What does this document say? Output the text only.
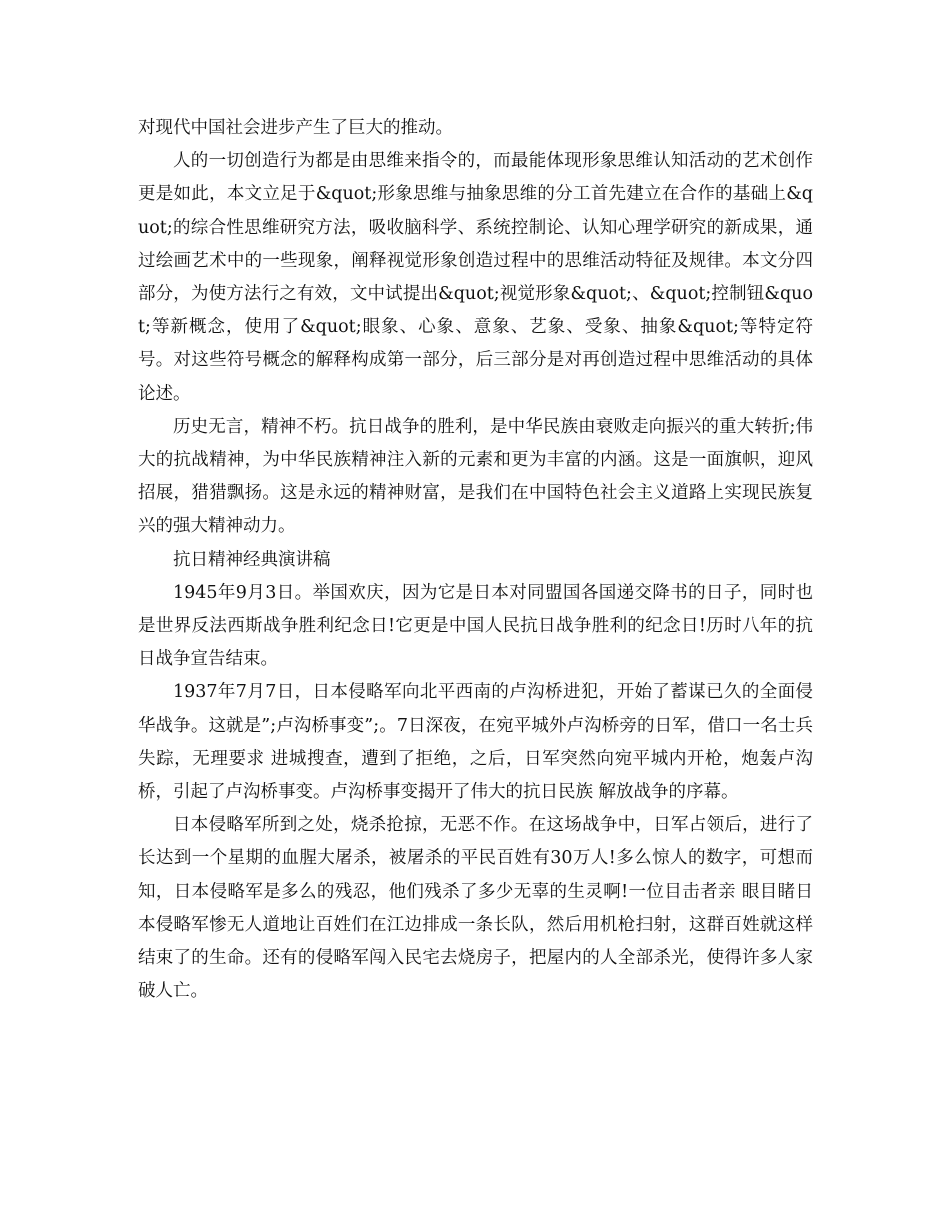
对现代中国社会进步产生了巨大的推动。

人的一切创造行为都是由思维来指令的，而最能体现形象思维认知活动的艺术创作更是如此，本文立足于&quot;形象思维与抽象思维的分工首先建立在合作的基础上&quot;的综合性思维研究方法，吸收脑科学、系统控制论、认知心理学研究的新成果，通过绘画艺术中的一些现象，阐释视觉形象创造过程中的思维活动特征及规律。本文分四部分，为使方法行之有效，文中试提出&quot;视觉形象&quot;、&quot;控制钮&quot;等新概念，使用了&quot;眼象、心象、意象、艺象、受象、抽象&quot;等特定符号。对这些符号概念的解释构成第一部分，后三部分是对再创造过程中思维活动的具体论述。

历史无言，精神不朽。抗日战争的胜利，是中华民族由衰败走向振兴的重大转折;伟大的抗战精神，为中华民族精神注入新的元素和更为丰富的内涵。这是一面旗帜，迎风招展，猎猎飘扬。这是永远的精神财富，是我们在中国特色社会主义道路上实现民族复兴的强大精神动力。

抗日精神经典演讲稿

1945年9月3日。举国欢庆，因为它是日本对同盟国各国递交降书的日子，同时也是世界反法西斯战争胜利纪念日!它更是中国人民抗日战争胜利的纪念日!历时八年的抗日战争宣告结束。

1937年7月7日，日本侵略军向北平西南的卢沟桥进犯，开始了蓄谋已久的全面侵华战争。这就是”;卢沟桥事变”;。7日深夜，在宛平城外卢沟桥旁的日军，借口一名士兵失踪，无理要求 进城搜查，遭到了拒绝，之后，日军突然向宛平城内开枪，炮轰卢沟桥，引起了卢沟桥事变。卢沟桥事变揭开了伟大的抗日民族 解放战争的序幕。

日本侵略军所到之处，烧杀抢掠，无恶不作。在这场战争中，日军占领后，进行了长达到一个星期的血腥大屠杀，被屠杀的平民百姓有30万人!多么惊人的数字，可想而知，日本侵略军是多么的残忍，他们残杀了多少无辜的生灵啊!一位目击者亲 眼目睹日本侵略军惨无人道地让百姓们在江边排成一条长队，然后用机枪扫射，这群百姓就这样结束了的生命。还有的侵略军闯入民宅去烧房子，把屋内的人全部杀光，使得许多人家破人亡。
